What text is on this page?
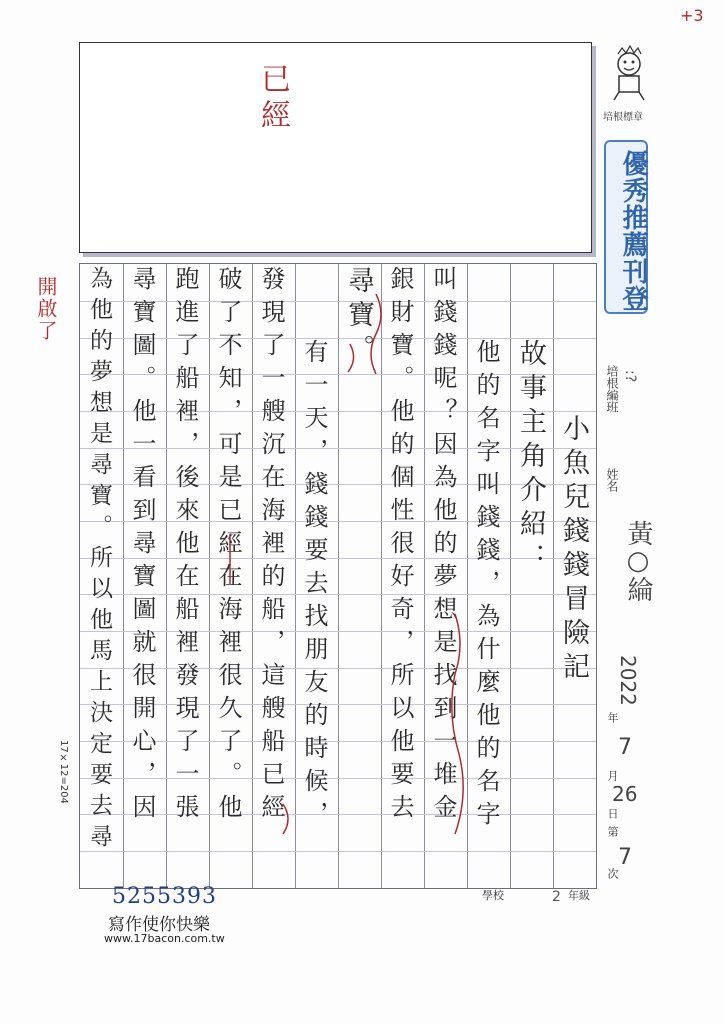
+3
已經	培根標章
優秀推薦刊登
開啟了
小魚兒錢錢冒險記
故事主角介紹：
他的名字叫錢錢，為什麼他的名字
叫錢錢呢？因為他的夢想是找到一堆金
銀財寶。他的個性很好奇，所以他要去
尋寶。
有一天，錢錢要去找朋友的時候，
發現了一艘沉在海裡的船，這艘船已經
破了不知，可是已經在海裡很久了。他
跑進了船裡，後來他在船裡發現了一張
尋寶圖。他一看到尋寶圖就很開心，因
為他的夢想是尋寶。所以他馬上決定要去尋	培根編班 :?
姓名
黃○綸
2022
年
7
月
26
日
第
7
次
17×12=204
學校	2 年級
5255393
寫作使你快樂
www.17bacon.com.tw
